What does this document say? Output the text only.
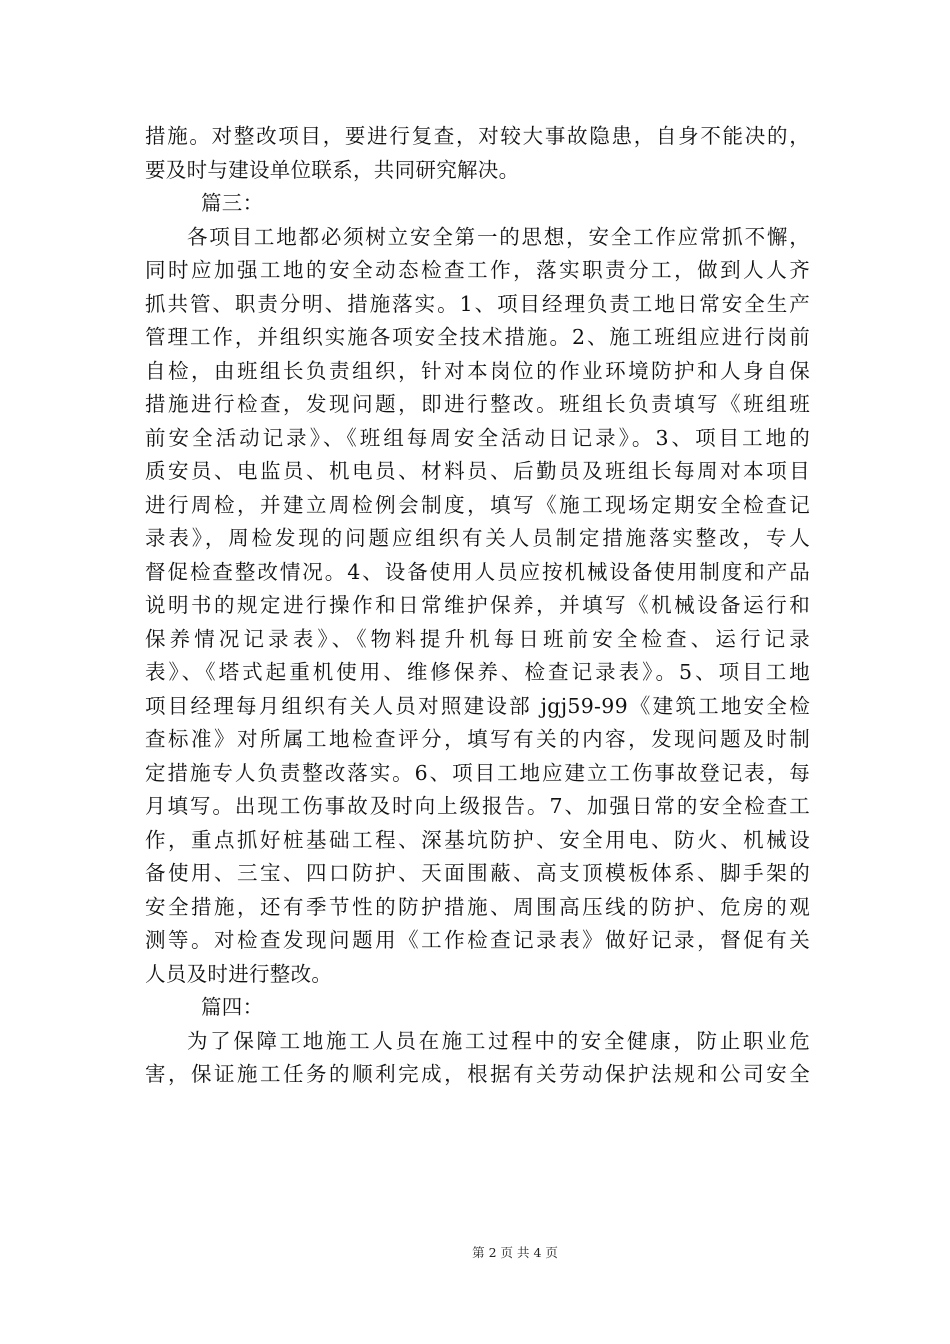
措施。对整改项目，要进行复查，对较大事故隐患，自身不能决的，
要及时与建设单位联系，共同研究解决。
篇三：
各项目工地都必须树立安全第一的思想，安全工作应常抓不懈，
同时应加强工地的安全动态检查工作，落实职责分工，做到人人齐
抓共管、职责分明、措施落实。1、项目经理负责工地日常安全生产
管理工作，并组织实施各项安全技术措施。2、施工班组应进行岗前
自检，由班组长负责组织，针对本岗位的作业环境防护和人身自保
措施进行检查，发现问题，即进行整改。班组长负责填写《班组班
前安全活动记录》、《班组每周安全活动日记录》。3、项目工地的
质安员、电监员、机电员、材料员、后勤员及班组长每周对本项目
进行周检，并建立周检例会制度，填写《施工现场定期安全检查记
录表》，周检发现的问题应组织有关人员制定措施落实整改，专人
督促检查整改情况。4、设备使用人员应按机械设备使用制度和产品
说明书的规定进行操作和日常维护保养，并填写《机械设备运行和
保养情况记录表》、《物料提升机每日班前安全检查、运行记录
表》、《塔式起重机使用、维修保养、检查记录表》。5、项目工地
项目经理每月组织有关人员对照建设部 jgj59-99《建筑工地安全检
查标准》对所属工地检查评分，填写有关的内容，发现问题及时制
定措施专人负责整改落实。6、项目工地应建立工伤事故登记表，每
月填写。出现工伤事故及时向上级报告。7、加强日常的安全检查工
作，重点抓好桩基础工程、深基坑防护、安全用电、防火、机械设
备使用、三宝、四口防护、天面围蔽、高支顶模板体系、脚手架的
安全措施，还有季节性的防护措施、周围高压线的防护、危房的观
测等。对检查发现问题用《工作检查记录表》做好记录，督促有关
人员及时进行整改。
篇四：
为了保障工地施工人员在施工过程中的安全健康，防止职业危
害，保证施工任务的顺利完成，根据有关劳动保护法规和公司安全
第 2 页 共 4 页
